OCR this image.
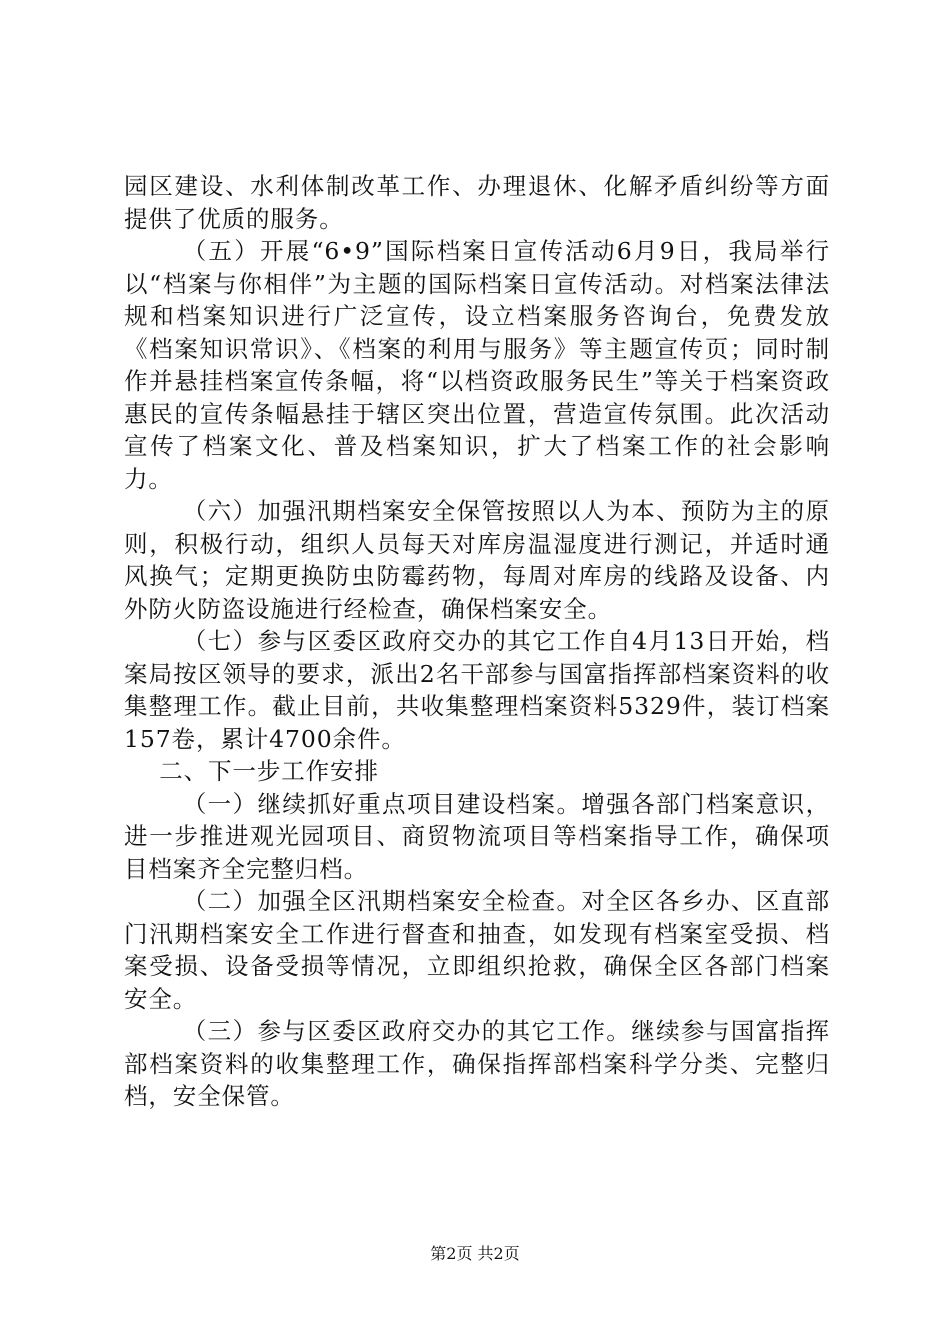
园区建设、水利体制改革工作、办理退休、化解矛盾纠纷等方面提供了优质的服务。

（五）开展“6•9”国际档案日宣传活动6月9日，我局举行以“档案与你相伴”为主题的国际档案日宣传活动。对档案法律法规和档案知识进行广泛宣传，设立档案服务咨询台，免费发放《档案知识常识》、《档案的利用与服务》等主题宣传页；同时制作并悬挂档案宣传条幅，将“以档资政服务民生”等关于档案资政惠民的宣传条幅悬挂于辖区突出位置，营造宣传氛围。此次活动宣传了档案文化、普及档案知识，扩大了档案工作的社会影响力。

（六）加强汛期档案安全保管按照以人为本、预防为主的原则，积极行动，组织人员每天对库房温湿度进行测记，并适时通风换气；定期更换防虫防霉药物，每周对库房的线路及设备、内外防火防盗设施进行经检查，确保档案安全。

（七）参与区委区政府交办的其它工作自4月13日开始，档案局按区领导的要求，派出2名干部参与国富指挥部档案资料的收集整理工作。截止目前，共收集整理档案资料5329件，装订档案157卷，累计4700余件。

二、下一步工作安排

（一）继续抓好重点项目建设档案。增强各部门档案意识，进一步推进观光园项目、商贸物流项目等档案指导工作，确保项目档案齐全完整归档。

（二）加强全区汛期档案安全检查。对全区各乡办、区直部门汛期档案安全工作进行督查和抽查，如发现有档案室受损、档案受损、设备受损等情况，立即组织抢救，确保全区各部门档案安全。

（三）参与区委区政府交办的其它工作。继续参与国富指挥部档案资料的收集整理工作，确保指挥部档案科学分类、完整归档，安全保管。

第2页 共2页
